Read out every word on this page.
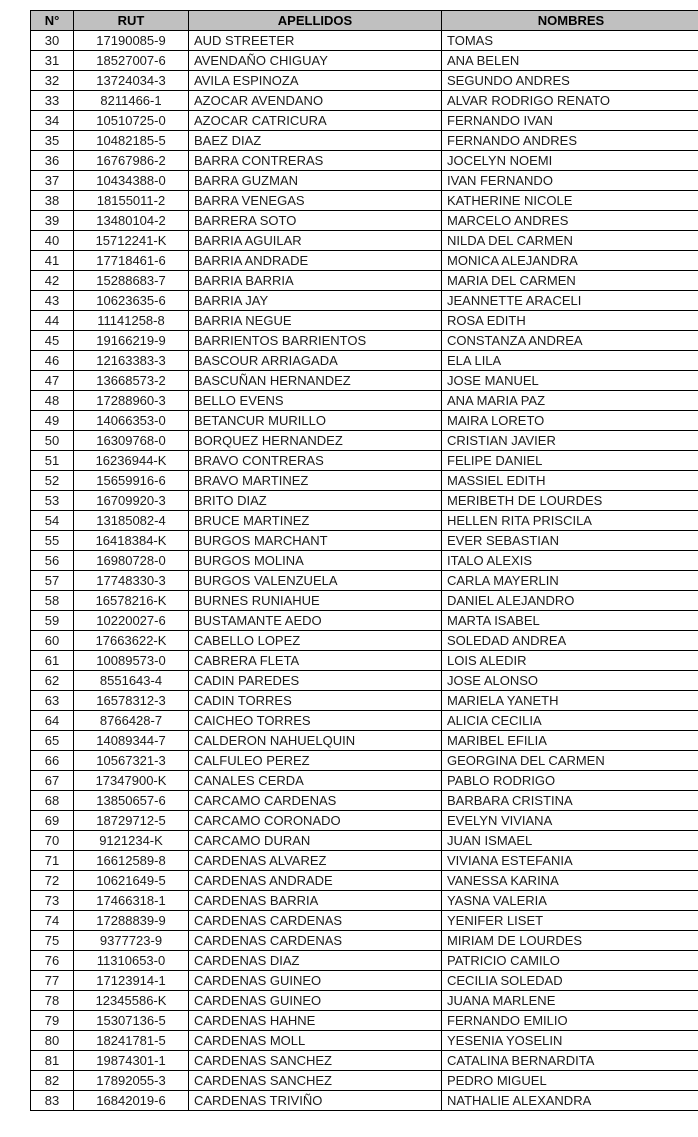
N°	RUT	APELLIDOS	NOMBRES
30	17190085-9	AUD STREETER	TOMAS
31	18527007-6	AVENDAÑO CHIGUAY	ANA BELEN
32	13724034-3	AVILA ESPINOZA	SEGUNDO ANDRES
33	8211466-1	AZOCAR AVENDANO	ALVAR RODRIGO RENATO
34	10510725-0	AZOCAR CATRICURA	FERNANDO IVAN
35	10482185-5	BAEZ DIAZ	FERNANDO ANDRES
36	16767986-2	BARRA CONTRERAS	JOCELYN NOEMI
37	10434388-0	BARRA GUZMAN	IVAN FERNANDO
38	18155011-2	BARRA VENEGAS	KATHERINE NICOLE
39	13480104-2	BARRERA SOTO	MARCELO ANDRES
40	15712241-K	BARRIA AGUILAR	NILDA DEL CARMEN
41	17718461-6	BARRIA ANDRADE	MONICA ALEJANDRA
42	15288683-7	BARRIA BARRIA	MARIA DEL CARMEN
43	10623635-6	BARRIA JAY	JEANNETTE ARACELI
44	11141258-8	BARRIA NEGUE	ROSA EDITH
45	19166219-9	BARRIENTOS BARRIENTOS	CONSTANZA ANDREA
46	12163383-3	BASCOUR ARRIAGADA	ELA LILA
47	13668573-2	BASCUÑAN HERNANDEZ	JOSE MANUEL
48	17288960-3	BELLO EVENS	ANA MARIA PAZ
49	14066353-0	BETANCUR MURILLO	MAIRA LORETO
50	16309768-0	BORQUEZ HERNANDEZ	CRISTIAN JAVIER
51	16236944-K	BRAVO CONTRERAS	FELIPE DANIEL
52	15659916-6	BRAVO MARTINEZ	MASSIEL EDITH
53	16709920-3	BRITO DIAZ	MERIBETH DE LOURDES
54	13185082-4	BRUCE MARTINEZ	HELLEN RITA PRISCILA
55	16418384-K	BURGOS MARCHANT	EVER SEBASTIAN
56	16980728-0	BURGOS MOLINA	ITALO ALEXIS
57	17748330-3	BURGOS VALENZUELA	CARLA MAYERLIN
58	16578216-K	BURNES RUNIAHUE	DANIEL ALEJANDRO
59	10220027-6	BUSTAMANTE AEDO	MARTA ISABEL
60	17663622-K	CABELLO LOPEZ	SOLEDAD ANDREA
61	10089573-0	CABRERA FLETA	LOIS ALEDIR
62	8551643-4	CADIN PAREDES	JOSE ALONSO
63	16578312-3	CADIN TORRES	MARIELA YANETH
64	8766428-7	CAICHEO TORRES	ALICIA CECILIA
65	14089344-7	CALDERON NAHUELQUIN	MARIBEL EFILIA
66	10567321-3	CALFULEO PEREZ	GEORGINA DEL CARMEN
67	17347900-K	CANALES CERDA	PABLO RODRIGO
68	13850657-6	CARCAMO CARDENAS	BARBARA CRISTINA
69	18729712-5	CARCAMO CORONADO	EVELYN VIVIANA
70	9121234-K	CARCAMO DURAN	JUAN ISMAEL
71	16612589-8	CARDENAS ALVAREZ	VIVIANA ESTEFANIA
72	10621649-5	CARDENAS ANDRADE	VANESSA KARINA
73	17466318-1	CARDENAS BARRIA	YASNA VALERIA
74	17288839-9	CARDENAS CARDENAS	YENIFER LISET
75	9377723-9	CARDENAS CARDENAS	MIRIAM DE LOURDES
76	11310653-0	CARDENAS DIAZ	PATRICIO CAMILO
77	17123914-1	CARDENAS GUINEO	CECILIA SOLEDAD
78	12345586-K	CARDENAS GUINEO	JUANA MARLENE
79	15307136-5	CARDENAS HAHNE	FERNANDO EMILIO
80	18241781-5	CARDENAS MOLL	YESENIA YOSELIN
81	19874301-1	CARDENAS SANCHEZ	CATALINA BERNARDITA
82	17892055-3	CARDENAS SANCHEZ	PEDRO MIGUEL
83	16842019-6	CARDENAS TRIVIÑO	NATHALIE ALEXANDRA
